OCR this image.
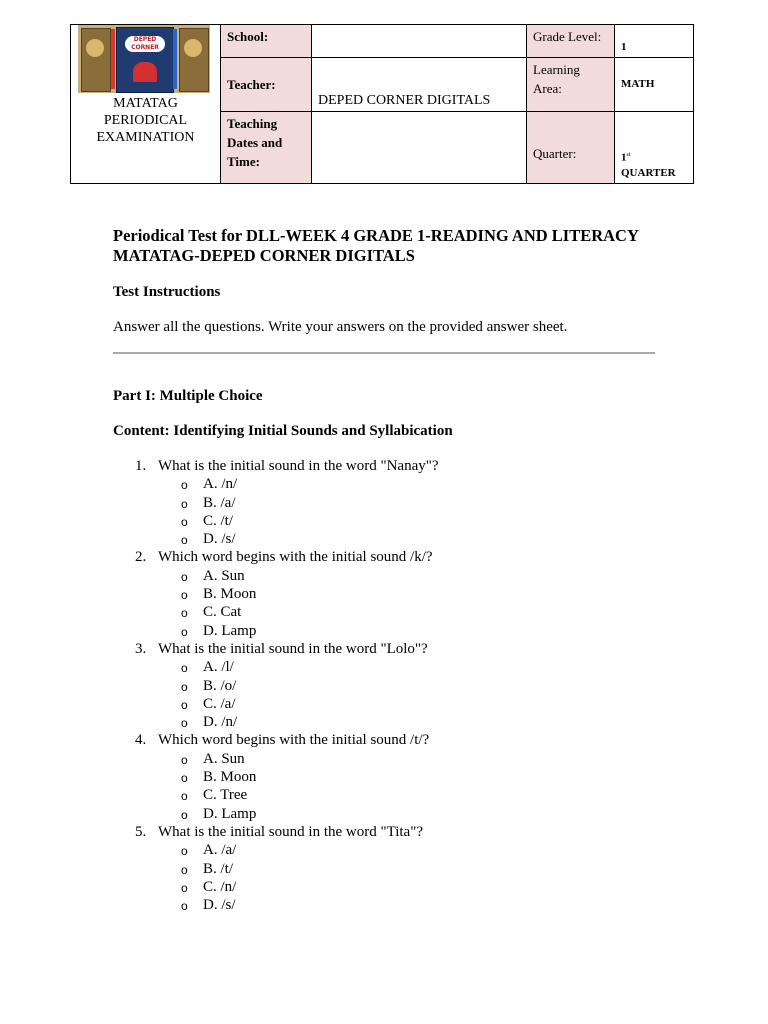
DEPED CORNER
MATATAG
PERIODICAL
EXAMINATION	School:		Grade Level:	1
	Teacher:	DEPED CORNER DIGITALS	Learning Area:	MATH
	Teaching Dates and Time:		Quarter:	1st
QUARTER
Periodical Test for DLL-WEEK 4 GRADE 1-READING AND LITERACY MATATAG-DEPED CORNER DIGITALS

Test Instructions

Answer all the questions. Write your answers on the provided answer sheet.

Part I: Multiple Choice

Content: Identifying Initial Sounds and Syllabication

1. What is the initial sound in the word "Nanay"?
o A. /n/
o B. /a/
o C. /t/
o D. /s/
2. Which word begins with the initial sound /k/?
o A. Sun
o B. Moon
o C. Cat
o D. Lamp
3. What is the initial sound in the word "Lolo"?
o A. /l/
o B. /o/
o C. /a/
o D. /n/
4. Which word begins with the initial sound /t/?
o A. Sun
o B. Moon
o C. Tree
o D. Lamp
5. What is the initial sound in the word "Tita"?
o A. /a/
o B. /t/
o C. /n/
o D. /s/
